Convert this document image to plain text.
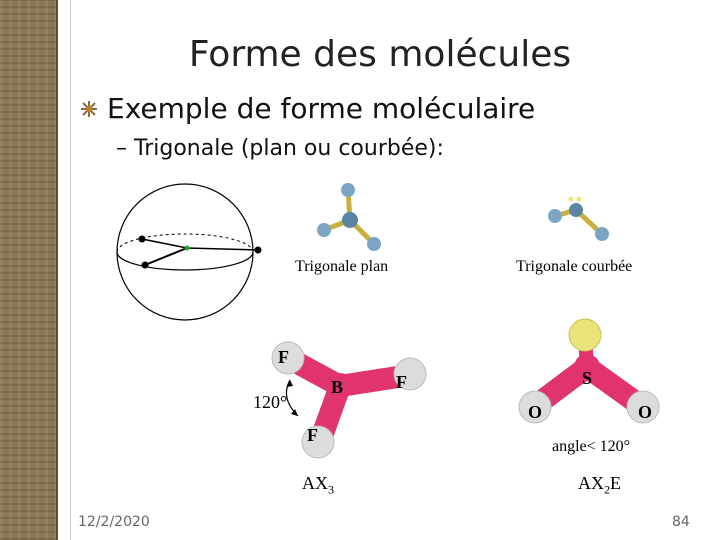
Forme des molécules
Exemple de forme moléculaire
– Trigonale (plan ou courbée):
Trigonale plan	Trigonale courbée
F
B	F
F
120°
$AX_3$
S
O	O
angle< 120°
$AX_2E$
12/2/2020	84
